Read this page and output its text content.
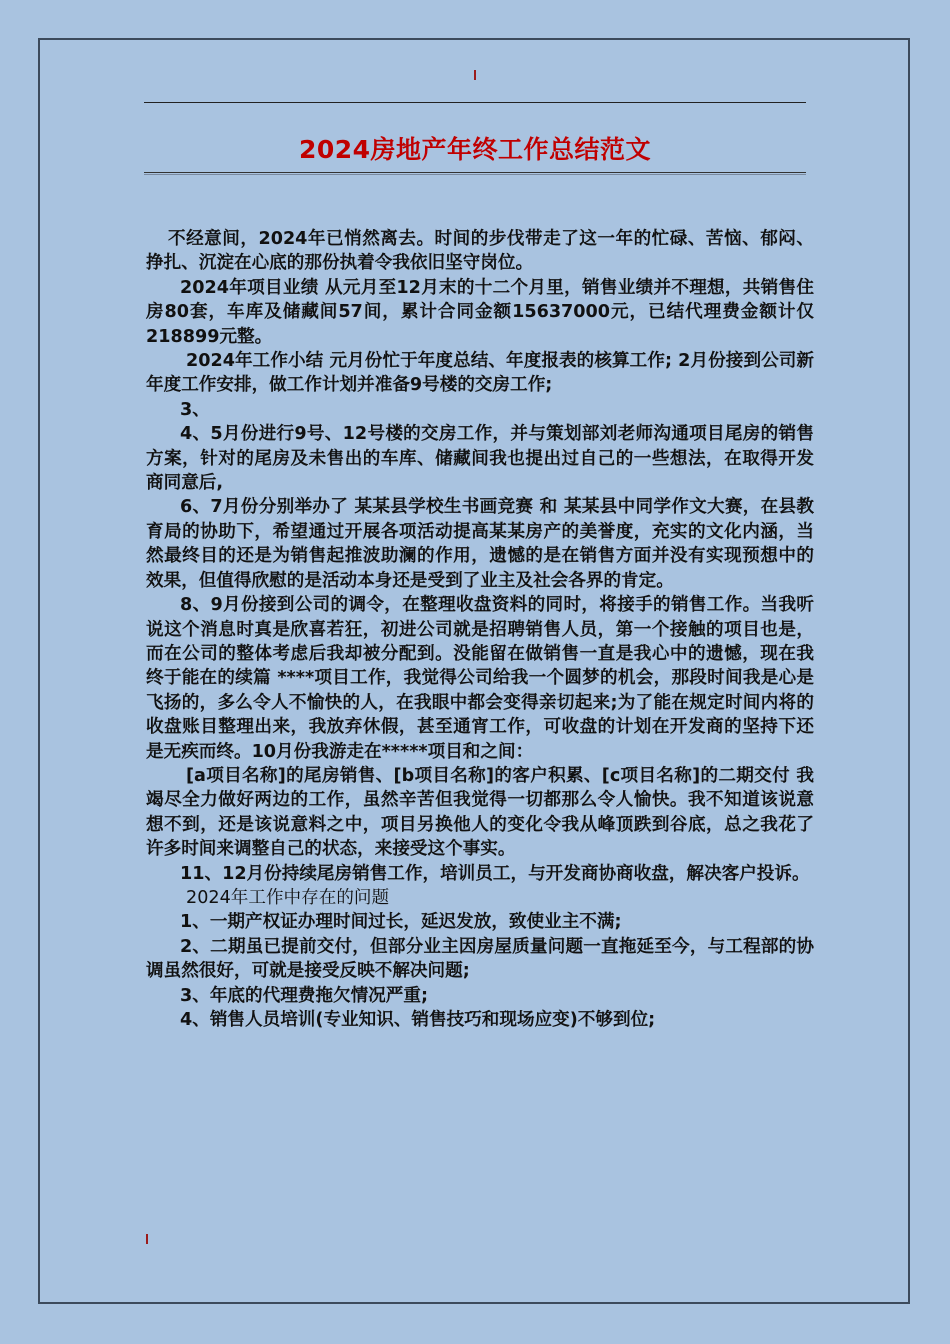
2024房地产年终工作总结范文

不经意间，2024年已悄然离去。时间的步伐带走了这一年的忙碌、苦恼、郁闷、挣扎、沉淀在心底的那份执着令我依旧坚守岗位。

2024年项目业绩 从元月至12月末的十二个月里，销售业绩并不理想，共销售住房80套，车库及储藏间57间，累计合同金额15637000元，已结代理费金额计仅218899元整。

2024年工作小结 元月份忙于年度总结、年度报表的核算工作; 2月份接到公司新年度工作安排，做工作计划并准备9号楼的交房工作;

3、

4、5月份进行9号、12号楼的交房工作，并与策划部刘老师沟通项目尾房的销售方案，针对的尾房及未售出的车库、储藏间我也提出过自己的一些想法，在取得开发商同意后,

6、7月份分别举办了 某某县学校生书画竞赛 和 某某县中同学作文大赛，在县教育局的协助下，希望通过开展各项活动提高某某房产的美誉度，充实的文化内涵，当然最终目的还是为销售起推波助澜的作用，遗憾的是在销售方面并没有实现预想中的效果，但值得欣慰的是活动本身还是受到了业主及社会各界的肯定。

8、9月份接到公司的调令，在整理收盘资料的同时，将接手的销售工作。当我听说这个消息时真是欣喜若狂，初进公司就是招聘销售人员，第一个接触的项目也是，而在公司的整体考虑后我却被分配到。没能留在做销售一直是我心中的遗憾，现在我终于能在的续篇 ****项目工作，我觉得公司给我一个圆梦的机会，那段时间我是心是飞扬的，多么令人不愉快的人，在我眼中都会变得亲切起来;为了能在规定时间内将的收盘账目整理出来，我放弃休假，甚至通宵工作，可收盘的计划在开发商的坚持下还是无疾而终。10月份我游走在*****项目和之间：

[a项目名称]的尾房销售、[b项目名称]的客户积累、[c项目名称]的二期交付 我竭尽全力做好两边的工作，虽然辛苦但我觉得一切都那么令人愉快。我不知道该说意想不到，还是该说意料之中，项目另换他人的变化令我从峰顶跌到谷底，总之我花了许多时间来调整自己的状态，来接受这个事实。

11、12月份持续尾房销售工作，培训员工，与开发商协商收盘，解决客户投诉。

2024年工作中存在的问题

1、一期产权证办理时间过长，延迟发放，致使业主不满;

2、二期虽已提前交付，但部分业主因房屋质量问题一直拖延至今，与工程部的协调虽然很好，可就是接受反映不解决问题;

3、年底的代理费拖欠情况严重;

4、销售人员培训(专业知识、销售技巧和现场应变)不够到位;
